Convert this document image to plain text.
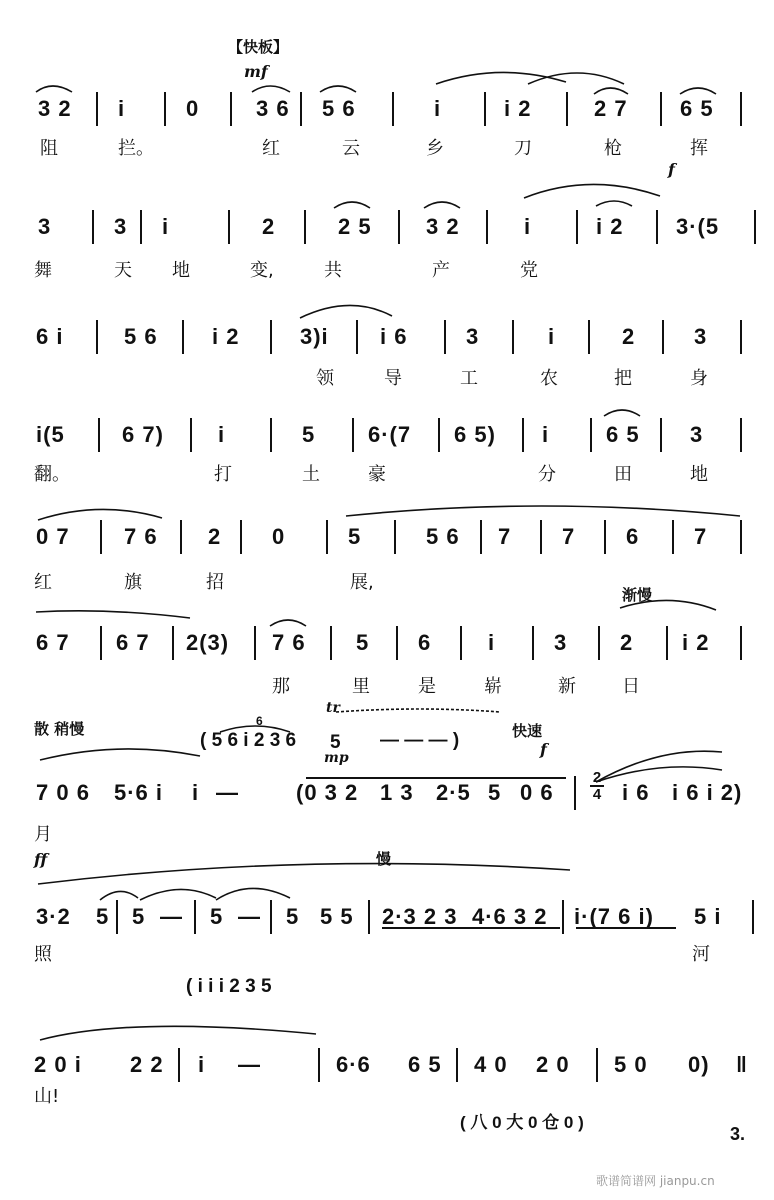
【快板】
mf
f
渐慢
散 稍慢
tr
mp
快速
f
ff	慢
2
4
( 5 6 i 2 3 6
6
5 — — — )
( i i i 2 3 5
( 八 0 大 0 仓 0 )
3 2 i	0	3 6 5 6	i	i 2	2 7 6 5
阻	拦。	红	云	乡	刀	枪	挥
3	3 i	2	2 5 3 2	i	i 2 3·(5
舞	天 地	变,	共	产	党
6 i	5 6 i 2	3)i i 6	3	i	2	3
领	导	工	农	把	身
i(5	6 7) i	5 6·(7 6 5) i	6 5 3
翻。	打	土	豪	分	田	地
0 7 7 6 2 0	5	5 6 7 7 6 7
红	旗	招	展,
6 7 6 7 2(3) 7 6 5 6	i	3 2 i 2
那	里	是	崭	新	日
7 0 6 5·6 i i —	(0 3 2 1 3 2·5 5 0 6	i 6 i 6 i 2)
月
3·2 5 5 — 5 — 5 5 5 2·3 2 3 4·6 3 2 i·(7 6 i) 5 i
照	河
2 0 i 2 2 i —	6·6 6 5 4 0 2 0 5 0 0) ‖
山!
3.
歌谱简谱网 jianpu.cn
